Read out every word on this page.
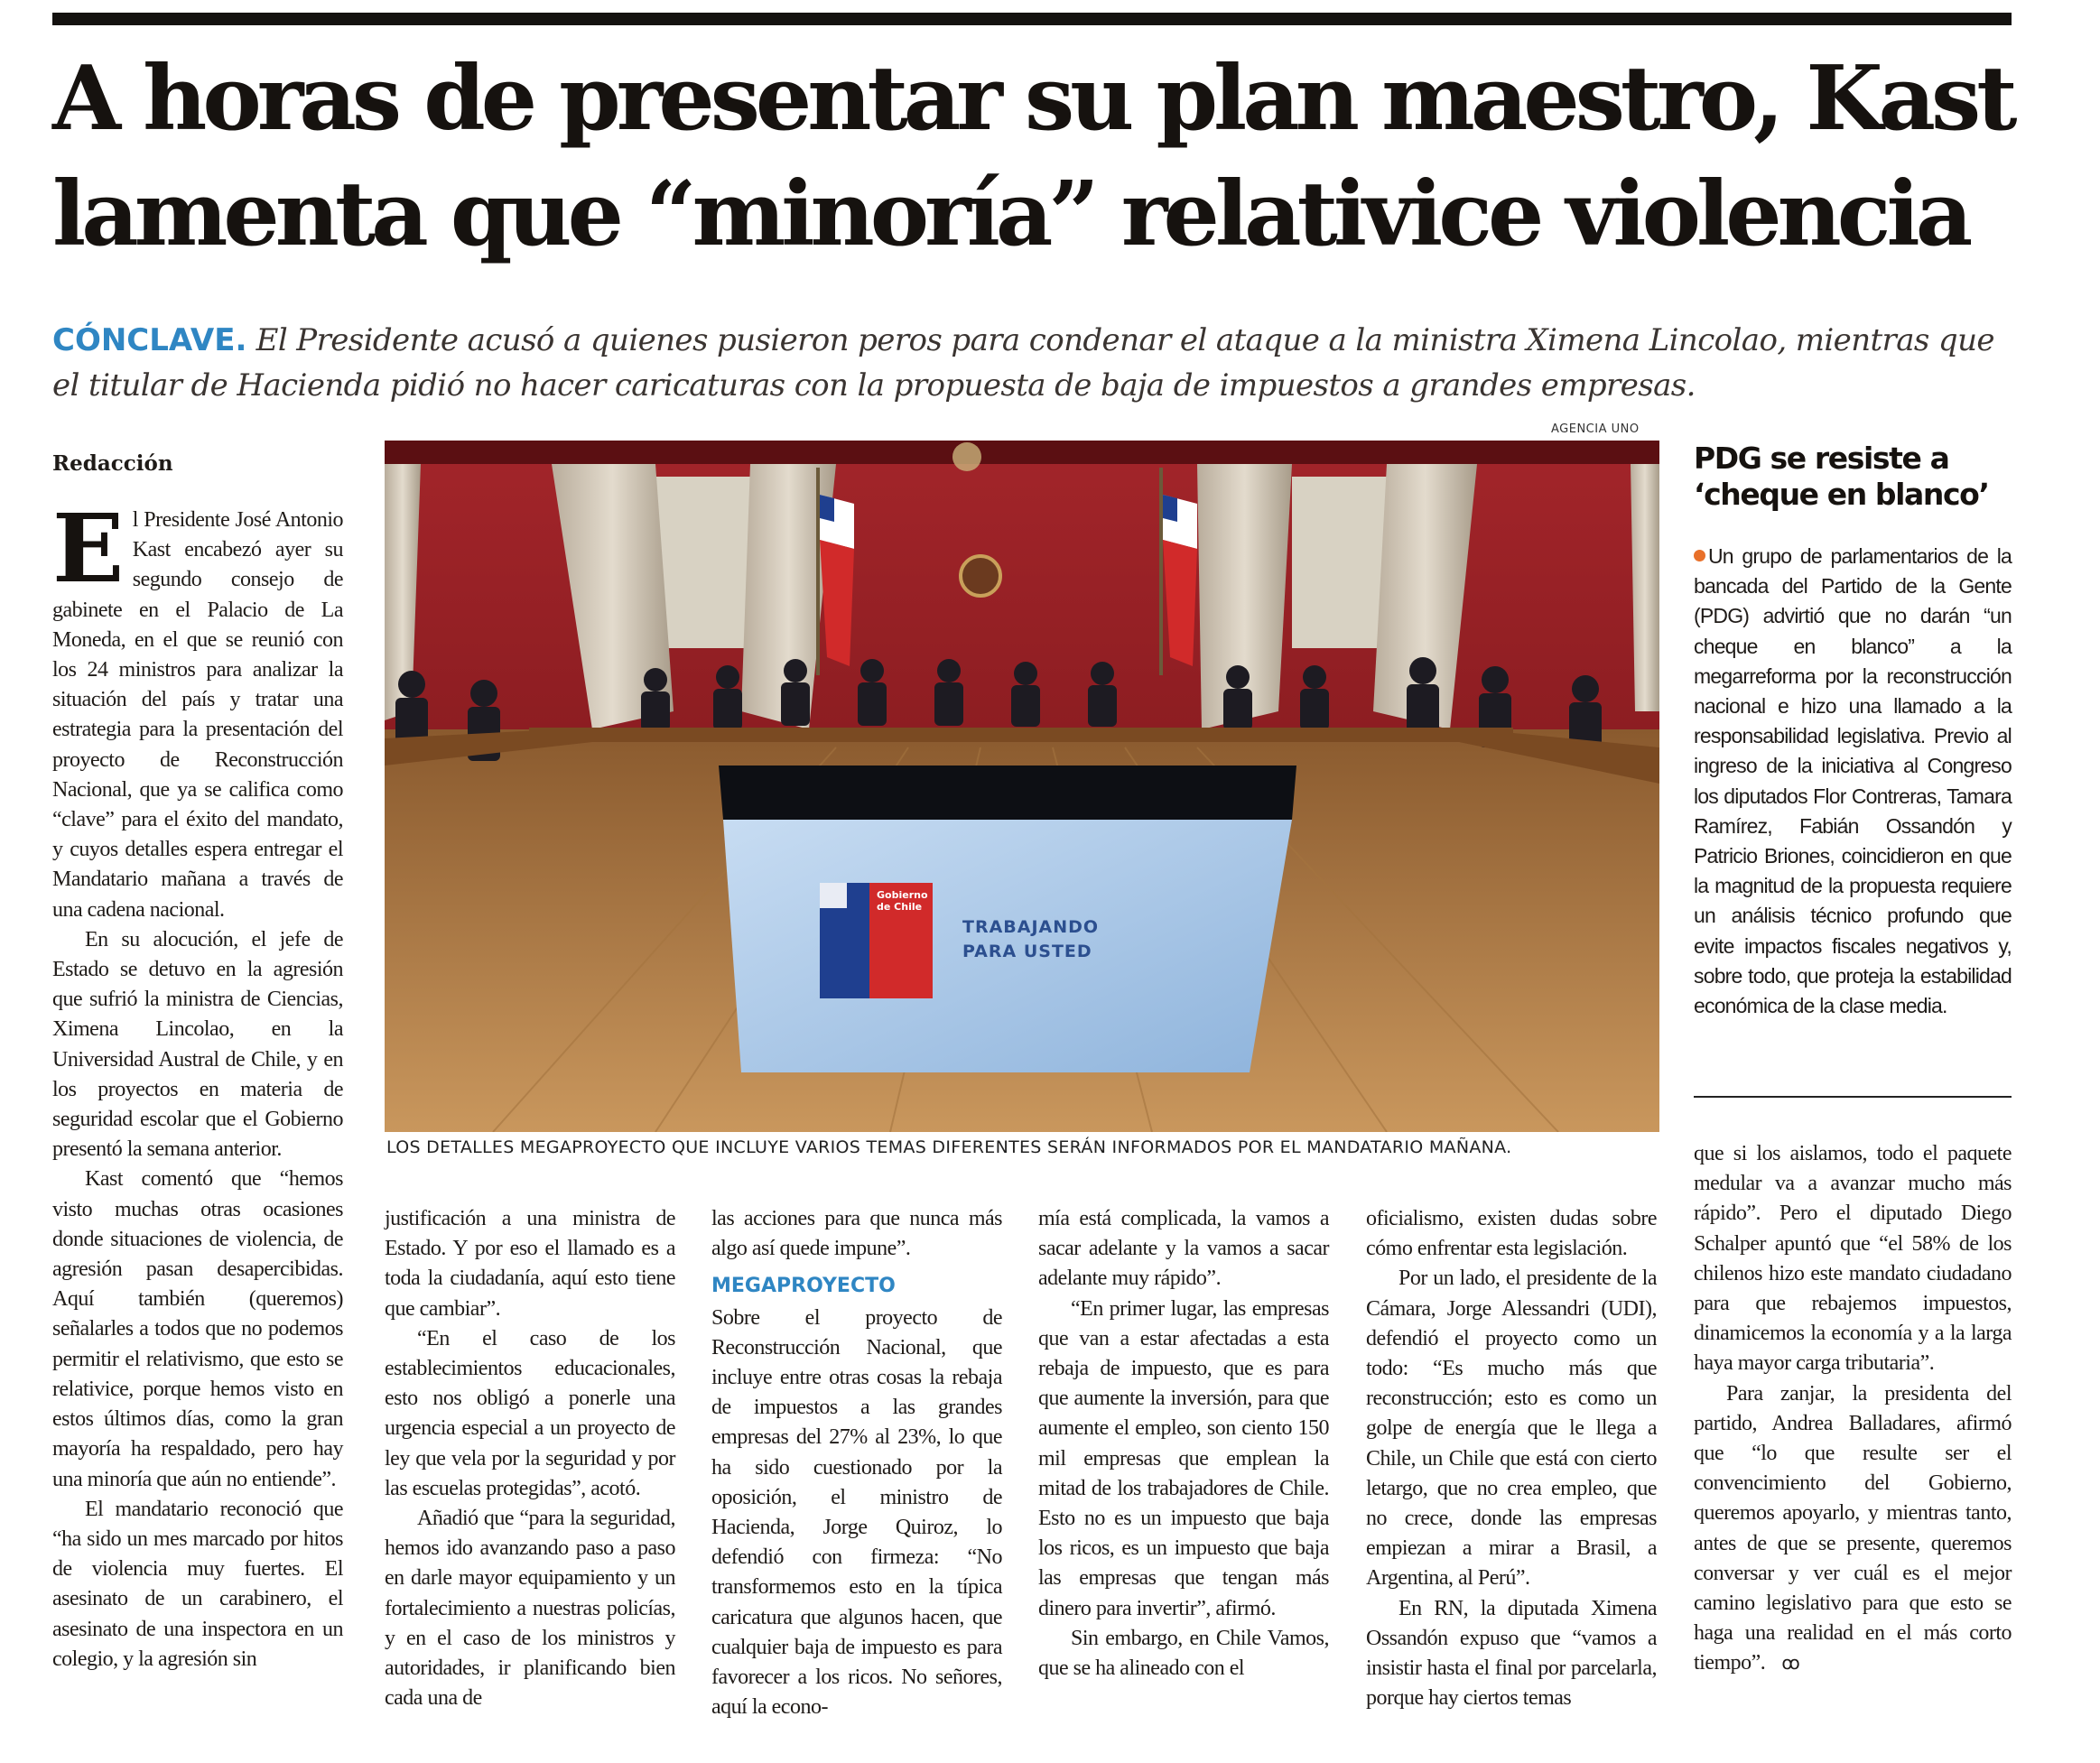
A horas de presentar su plan maestro, Kast
lamenta que “minoría” relativice violencia

CÓNCLAVE. El Presidente acusó a quienes pusieron peros para condenar el ataque a la ministra Ximena Lincolao, mientras que el titular de Hacienda pidió no hacer caricaturas con la propuesta de baja de impuestos a grandes empresas.

Redacción

El Presidente José Antonio Kast encabezó ayer su segundo consejo de gabinete en el Palacio de La Moneda, en el que se reunió con los 24 ministros para analizar la situación del país y tratar una estrategia para la presentación del proyecto de Reconstrucción Nacional, que ya se califica como “clave” para el éxito del mandato, y cuyos detalles espera entregar el Mandatario mañana a través de una cadena nacional.

En su alocución, el jefe de Estado se detuvo en la agresión que sufrió la ministra de Ciencias, Ximena Lincolao, en la Universidad Austral de Chile, y en los proyectos en materia de seguridad escolar que el Gobierno presentó la semana anterior.

Kast comentó que “hemos visto muchas otras ocasiones donde situaciones de violencia, de agresión pasan desapercibidas. Aquí también (queremos) señalarles a todos que no podemos permitir el relativismo, que esto se relativice, porque hemos visto en estos últimos días, como la gran mayoría ha respaldado, pero hay una minoría que aún no entiende”.

El mandatario reconoció que “ha sido un mes marcado por hitos de violencia muy fuertes. El asesinato de un carabinero, el asesinato de una inspectora en un colegio, y la agresión sin

AGENCIA UNO
Gobierno de Chile
TRABAJANDO
PARA USTED
LOS DETALLES MEGAPROYECTO QUE INCLUYE VARIOS TEMAS DIFERENTES SERÁN INFORMADOS POR EL MANDATARIO MAÑANA.

justificación a una ministra de Estado. Y por eso el llamado es a toda la ciudadanía, aquí esto tiene que cambiar”.

“En el caso de los establecimientos educacionales, esto nos obligó a ponerle una urgencia especial a un proyecto de ley que vela por la seguridad y por las escuelas protegidas”, acotó.

Añadió que “para la seguridad, hemos ido avanzando paso a paso en darle mayor equipamiento y un fortalecimiento a nuestras policías, y en el caso de los ministros y autoridades, ir planificando bien cada una de

las acciones para que nunca más algo así quede impune”.

MEGAPROYECTO

Sobre el proyecto de Reconstrucción Nacional, que incluye entre otras cosas la rebaja de impuestos a las grandes empresas del 27% al 23%, lo que ha sido cuestionado por la oposición, el ministro de Hacienda, Jorge Quiroz, lo defendió con firmeza: “No transformemos esto en la típica caricatura que algunos hacen, que cualquier baja de impuesto es para favorecer a los ricos. No señores, aquí la econo-

mía está complicada, la vamos a sacar adelante y la vamos a sacar adelante muy rápido”.

“En primer lugar, las empresas que van a estar afectadas a esta rebaja de impuesto, que es para que aumente la inversión, para que aumente el empleo, son ciento 150 mil empresas que emplean la mitad de los trabajadores de Chile. Esto no es un impuesto que baja los ricos, es un impuesto que baja las empresas que tengan más dinero para invertir”, afirmó.

Sin embargo, en Chile Vamos, que se ha alineado con el

oficialismo, existen dudas sobre cómo enfrentar esta legislación.

Por un lado, el presidente de la Cámara, Jorge Alessandri (UDI), defendió el proyecto como un todo: “Es mucho más que reconstrucción; esto es como un golpe de energía que le llega a Chile, un Chile que está con cierto letargo, que no crea empleo, que no crece, donde las empresas empiezan a mirar a Brasil, a Argentina, al Perú”.

En RN, la diputada Ximena Ossandón expuso que “vamos a insistir hasta el final por parcelarla, porque hay ciertos temas

que si los aislamos, todo el paquete medular va a avanzar mucho más rápido”. Pero el diputado Diego Schalper apuntó que “el 58% de los chilenos hizo este mandato ciudadano para que rebajemos impuestos, dinamicemos la economía y a la larga haya mayor carga tributaria”.

Para zanjar, la presidenta del partido, Andrea Balladares, afirmó que “lo que resulte ser el convencimiento del Gobierno, queremos apoyarlo, y mientras tanto, antes de que se presente, queremos conversar y ver cuál es el mejor camino legislativo para que esto se haga una realidad en el más corto tiempo”. ꝏ

PDG se resiste a ‘cheque en blanco’
Un grupo de parlamentarios de la bancada del Partido de la Gente (PDG) advirtió que no darán “un cheque en blanco” a la megarreforma por la reconstrucción nacional e hizo una llamado a la responsabilidad legislativa. Previo al ingreso de la iniciativa al Congreso los diputados Flor Contreras, Tamara Ramírez, Fabián Ossandón y Patricio Briones, coincidieron en que la magnitud de la propuesta requiere un análisis técnico profundo que evite impactos fiscales negativos y, sobre todo, que proteja la estabilidad económica de la clase media.
